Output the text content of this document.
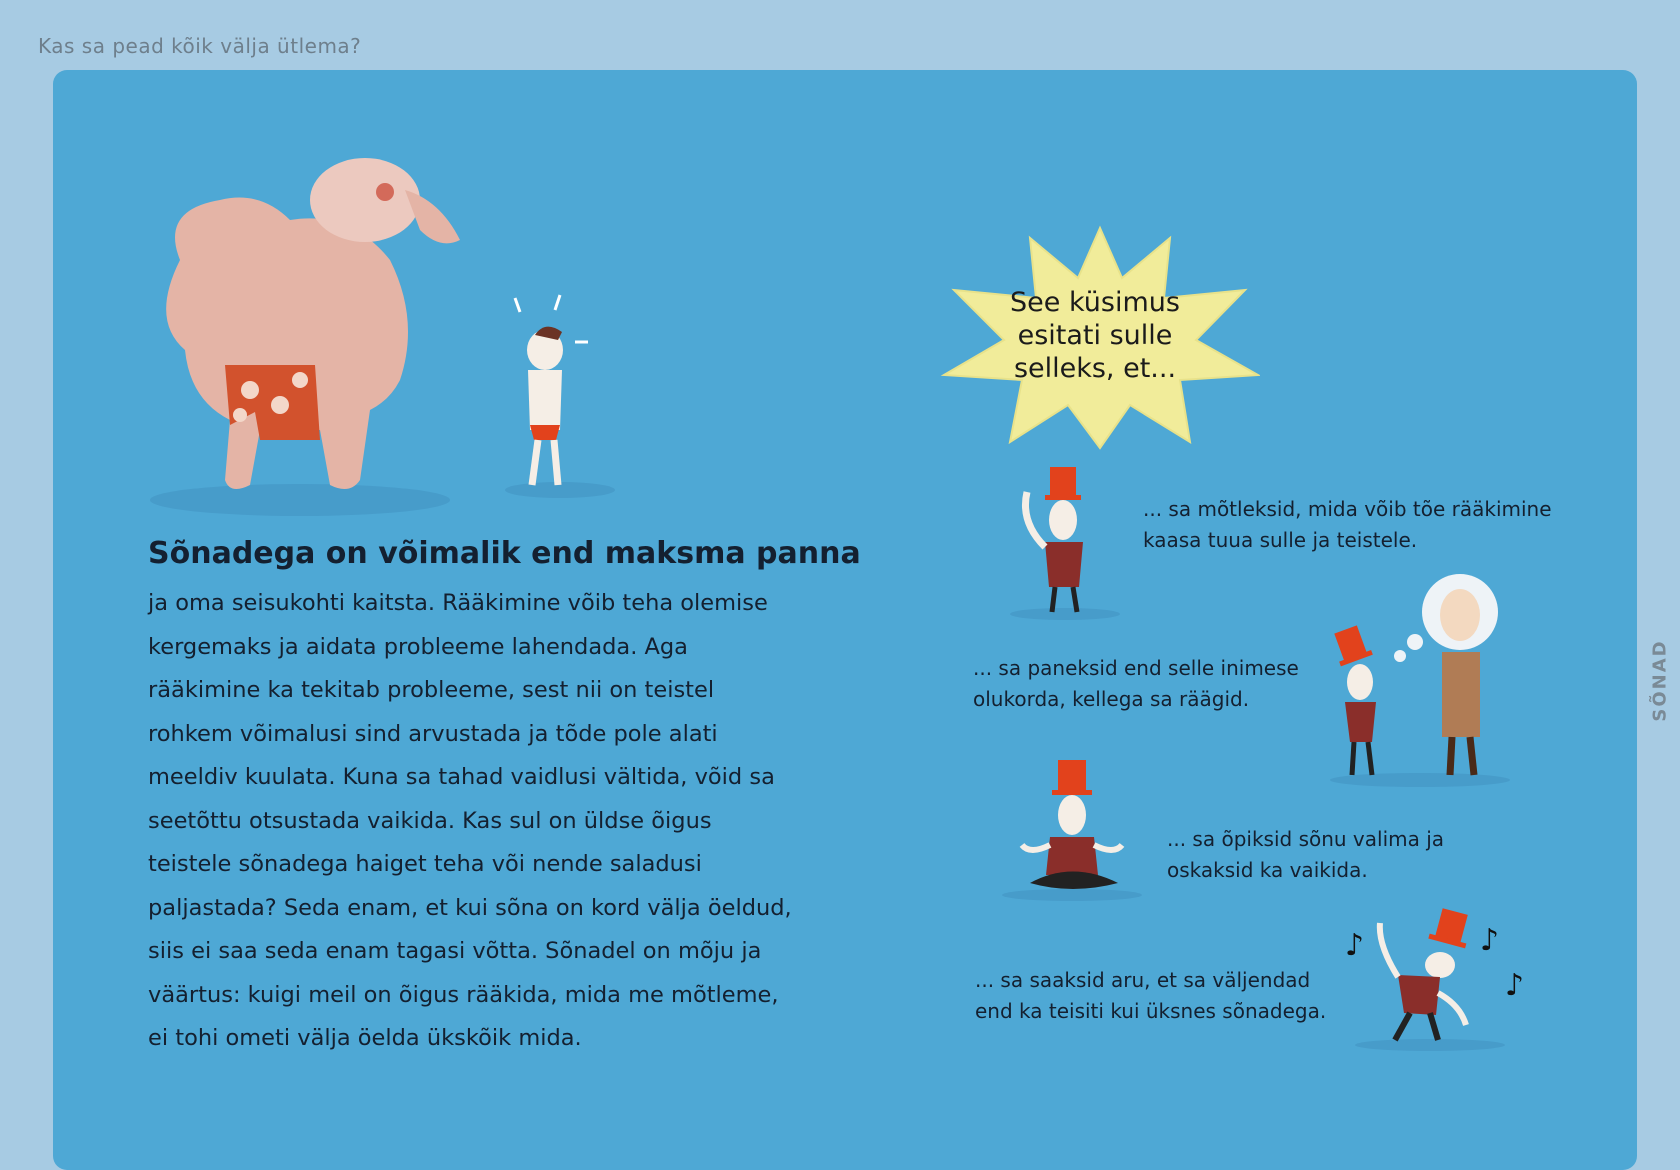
Kas sa pead kõik välja ütlema?
SÕNAD
Sõnadega on võimalik end maksma panna
ja oma seisukohti kaitsta. Rääkimine võib teha olemise kergemaks ja aidata probleeme lahendada. Aga rääkimine ka tekitab probleeme, sest nii on teistel rohkem võimalusi sind arvustada ja tõde pole alati meeldiv kuulata. Kuna sa tahad vaidlusi vältida, võid sa seetõttu otsustada vaikida. Kas sul on üldse õigus teistele sõnadega haiget teha või nende saladusi paljastada? Seda enam, et kui sõna on kord välja öeldud, siis ei saa seda enam tagasi võtta. Sõnadel on mõju ja väärtus: kuigi meil on õigus rääkida, mida me mõtleme, ei tohi ometi välja öelda ükskõik mida.
See küsimus esitati sulle selleks, et...
... sa mõtleksid, mida võib tõe rääkimine kaasa tuua sulle ja teistele.
... sa paneksid end selle inimese olukorda, kellega sa räägid.
... sa õpiksid sõnu valima ja oskaksid ka vaikida.
♪	♪
♪
... sa saaksid aru, et sa väljendad end ka teisiti kui üksnes sõnadega.
